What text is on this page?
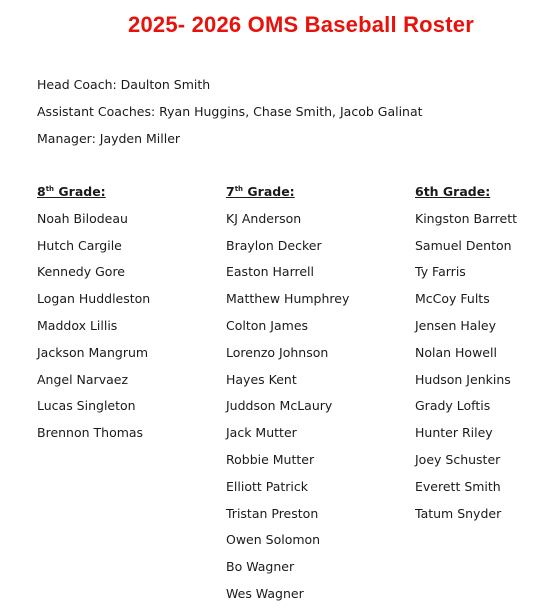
2025- 2026 OMS Baseball Roster
Head Coach: Daulton Smith
Assistant Coaches: Ryan Huggins, Chase Smith, Jacob Galinat
Manager: Jayden Miller
8th Grade:
Noah Bilodeau
Hutch Cargile
Kennedy Gore
Logan Huddleston
Maddox Lillis
Jackson Mangrum
Angel Narvaez
Lucas Singleton
Brennon Thomas
7th Grade:
KJ Anderson
Braylon Decker
Easton Harrell
Matthew Humphrey
Colton James
Lorenzo Johnson
Hayes Kent
Juddson McLaury
Jack Mutter
Robbie Mutter
Elliott Patrick
Tristan Preston
Owen Solomon
Bo Wagner
Wes Wagner
6th Grade:
Kingston Barrett
Samuel Denton
Ty Farris
McCoy Fults
Jensen Haley
Nolan Howell
Hudson Jenkins
Grady Loftis
Hunter Riley
Joey Schuster
Everett Smith
Tatum Snyder
